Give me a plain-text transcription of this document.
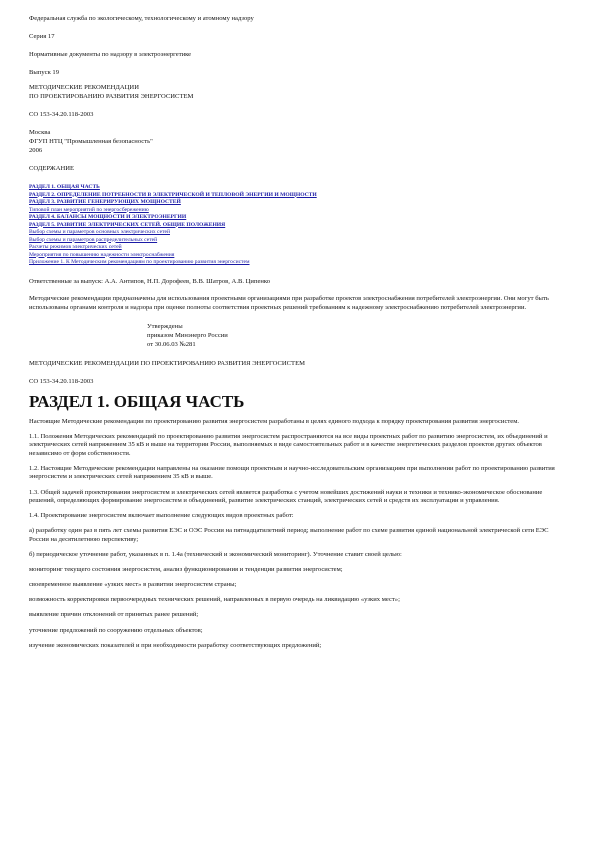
Федеральная служба по экологическому, технологическому и атомному надзору

Серия 17

Нормативные документы по надзору в электроэнергетике

Выпуск 19

МЕТОДИЧЕСКИЕ РЕКОМЕНДАЦИИ

ПО ПРОЕКТИРОВАНИЮ РАЗВИТИЯ ЭНЕРГОСИСТЕМ

СО 153-34.20.118-2003

Москва

ФГУП НТЦ "Промышленная безопасность"

2006

СОДЕРЖАНИЕ

РАЗДЕЛ 1. ОБЩАЯ ЧАСТЬ
РАЗДЕЛ 2. ОПРЕДЕЛЕНИЕ ПОТРЕБНОСТИ В ЭЛЕКТРИЧЕСКОЙ И ТЕПЛОВОЙ ЭНЕРГИИ И МОЩНОСТИ
РАЗДЕЛ 3. РАЗВИТИЕ ГЕНЕРИРУЮЩИХ МОЩНОСТЕЙ
Типовой план мероприятий по энергосбережению
РАЗДЕЛ 4. БАЛАНСЫ МОЩНОСТИ И ЭЛЕКТРОЭНЕРГИИ
РАЗДЕЛ 5. РАЗВИТИЕ ЭЛЕКТРИЧЕСКИХ СЕТЕЙ. ОБЩИЕ ПОЛОЖЕНИЯ
Выбор схемы и параметров основных электрических сетей
Выбор схемы и параметров распределительных сетей
Расчеты режимов электрических сетей
Мероприятия по повышению надежности электроснабжения
Приложение 1. К Методическим рекомендациям по проектированию развития энергосистем

Ответственные за выпуск: А.А. Антипов, Н.П. Дорофеев, В.В. Шатров, А.В. Ципенко

Методические рекомендации предназначены для использования проектными организациями при разработке проектов электроснабжения потребителей электроэнергии. Они могут быть использованы органами контроля и надзора при оценке полноты соответствия проектных решений требованиям к надежному электроснабжению потребителей электроэнергии.

Утверждены
приказом Минэнерго России
от 30.06.03 №281

МЕТОДИЧЕСКИЕ РЕКОМЕНДАЦИИ ПО ПРОЕКТИРОВАНИЮ РАЗВИТИЯ ЭНЕРГОСИСТЕМ

СО 153-34.20.118-2003

РАЗДЕЛ 1. ОБЩАЯ ЧАСТЬ

Настоящие Методические рекомендации по проектированию развития энергосистем разработаны в целях единого подхода к порядку проектирования развития энергосистем.

1.1. Положения Методических рекомендаций по проектированию развития энергосистем распространяются на все виды проектных работ по развитию энергосистем, их объединений и электрических сетей напряжением 35 кВ и выше на территории России, выполняемых в виде самостоятельных работ и в качестве энергетических разделов проектов других объектов независимо от форм собственности.

1.2. Настоящие Методические рекомендации направлены на оказание помощи проектным и научно-исследовательским организациям при выполнении работ по проектированию развития энергосистем и электрических сетей напряжением 35 кВ и выше.

1.3. Общей задачей проектирования энергосистем и электрических сетей является разработка с учетом новейших достижений науки и техники и технико-экономическое обоснование решений, определяющих формирование энергосистем и объединений, развитие электрических станций, электрических сетей и средств их эксплуатации и управления.

1.4. Проектирование энергосистем включает выполнение следующих видов проектных работ:

а) разработку один раз в пять лет схемы развития ЕЭС и ОЭС России на пятнадцатилетний период; выполнение работ по схеме развития единой национальной электрической сети ЕЭС России на десятилетнюю перспективу;

б) периодическое уточнение работ, указанных в п. 1.4а (технический и экономический мониторинг). Уточнение ставит своей целью:

мониторинг текущего состояния энергосистем, анализ функционирования и тенденции развития энергосистем;

своевременное выявление «узких мест» в развитии энергосистем страны;

возможность корректировки первоочередных технических решений, направленных в первую очередь на ликвидацию «узких мест»;

выявление причин отклонений от принятых ранее решений;

уточнение предложений по сооружению отдельных объектов;

изучение экономических показателей и при необходимости разработку соответствующих предложений;
